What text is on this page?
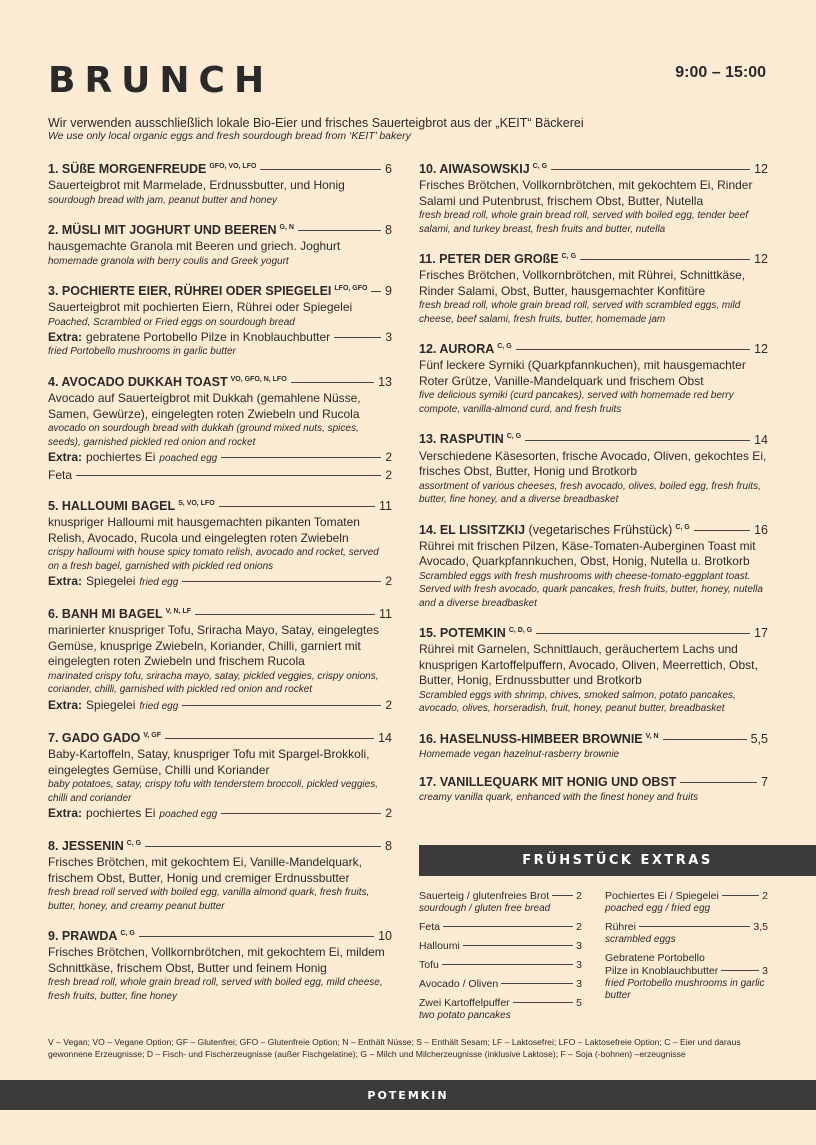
BRUNCH	9:00 – 15:00
Wir verwenden ausschließlich lokale Bio-Eier und frisches Sauerteigbrot aus der „KEIT“ Bäckerei
We use only local organic eggs and fresh sourdough bread from ‘KEIT’ bakery
1. SÜßE MORGENFREUDE $^{GFO, VO, LFO}$	6
Sauerteigbrot mit Marmelade, Erdnussbutter, und Honig
sourdough bread with jam, peanut butter and honey
2. MÜSLI MIT JOGHURT UND BEEREN $^{G, N}$	8
hausgemachte Granola mit Beeren und griech. Joghurt
homemade granola with berry coulis and Greek yogurt
3. POCHIERTE EIER, RÜHREI ODER SPIEGELEI $^{LFO, GFO}$ 9
Sauerteigbrot mit pochierten Eiern, Rührei oder Spiegelei
Poached, Scrambled or Fried eggs on sourdough bread
Extra: gebratene Portobello Pilze in Knoblauchbutter	3
fried Portobello mushrooms in garlic butter
4. AVOCADO DUKKAH TOAST $^{VO, GFO, N, LFO}$	13
Avocado auf Sauerteigbrot mit Dukkah (gemahlene Nüsse, Samen, Gewürze), eingelegten roten Zwiebeln und Rucola
avocado on sourdough bread with dukkah (ground mixed nuts, spices, seeds), garnished pickled red onion and rocket
Extra: pochiertes Ei poached egg	2
Feta	2
5. HALLOUMI BAGEL $^{S, VO, LFO}$	11
knuspriger Halloumi mit hausgemachten pikanten Tomaten Relish, Avocado, Rucola und eingelegten roten Zwiebeln
crispy halloumi with house spicy tomato relish, avocado and rocket, served on a fresh bagel, garnished with pickled red onions
Extra: Spiegelei fried egg	2
6. BANH MI BAGEL $^{V, N, LF}$	11
marinierter knuspriger Tofu, Sriracha Mayo, Satay, eingelegtes Gemüse, knusprige Zwiebeln, Koriander, Chilli, garniert mit eingelegten roten Zwiebeln und frischem Rucola
marinated crispy tofu, sriracha mayo, satay, pickled veggies, crispy onions, coriander, chilli, garnished with pickled red onion and rocket
Extra: Spiegelei fried egg	2
7. GADO GADO $^{V, GF}$	14
Baby-Kartoffeln, Satay, knuspriger Tofu mit Spargel-Brokkoli, eingelegtes Gemüse, Chilli und Koriander
baby potatoes, satay, crispy tofu with tenderstem broccoli, pickled veggies, chilli and coriander
Extra: pochiertes Ei poached egg	2
8. JESSENIN $^{C, G}$	8
Frisches Brötchen, mit gekochtem Ei, Vanille-Mandelquark, frischem Obst, Butter, Honig und cremiger Erdnussbutter
fresh bread roll served with boiled egg, vanilla almond quark, fresh fruits, butter, honey, and creamy peanut butter
9. PRAWDA $^{C, G}$	10
Frisches Brötchen, Vollkornbrötchen, mit gekochtem Ei, mildem Schnittkäse, frischem Obst, Butter und feinem Honig
fresh bread roll, whole grain bread roll, served with boiled egg, mild cheese, fresh fruits, butter, fine honey
10. AIWASOWSKIJ $^{C, G}$	12
Frisches Brötchen, Vollkornbrötchen, mit gekochtem Ei, Rinder Salami und Putenbrust, frischem Obst, Butter, Nutella
fresh bread roll, whole grain bread roll, served with boiled egg, tender beef salami, and turkey breast, fresh fruits and butter, nutella
11. PETER DER GROßE $^{C, G}$	12
Frisches Brötchen, Vollkornbrötchen, mit Rührei, Schnittkäse, Rinder Salami, Obst, Butter, hausgemachter Konfitüre
fresh bread roll, whole grain bread roll, served with scrambled eggs, mild cheese, beef salami, fresh fruits, butter, homemade jam
12. AURORA $^{C, G}$	12
Fünf leckere Syrniki (Quarkpfannkuchen), mit hausgemachter Roter Grütze, Vanille-Mandelquark und frischem Obst
five delicious syrniki (curd pancakes), served with homemade red berry compote, vanilla-almond curd, and fresh fruits
13. RASPUTIN $^{C, G}$	14
Verschiedene Käsesorten, frische Avocado, Oliven, gekochtes Ei, frisches Obst, Butter, Honig und Brotkorb
assortment of various cheeses, fresh avocado, olives, boiled egg, fresh fruits, butter, fine honey, and a diverse breadbasket
14. EL LISSITZKIJ (vegetarisches Frühstück) $^{C, G}$	16
Rührei mit frischen Pilzen, Käse-Tomaten-Auberginen Toast mit Avocado, Quarkpfannkuchen, Obst, Honig, Nutella u. Brotkorb
Scrambled eggs with fresh mushrooms with cheese-tomato-eggplant toast. Served with fresh avocado, quark pancakes, fresh fruits, butter, honey, nutella and a diverse breadbasket
15. POTEMKIN $^{C, D, G}$	17
Rührei mit Garnelen, Schnittlauch, geräuchertem Lachs und knusprigen Kartoffelpuffern, Avocado, Oliven, Meerrettich, Obst, Butter, Honig, Erdnussbutter und Brotkorb
Scrambled eggs with shrimp, chives, smoked salmon, potato pancakes, avocado, olives, horseradish, fruit, honey, peanut butter, breadbasket
16. HASELNUSS-HIMBEER BROWNIE $^{V, N}$	5,5
Homemade vegan hazelnut-rasberry brownie
17. VANILLEQUARK MIT HONIG UND OBST	7
creamy vanilla quark, enhanced with the finest honey and fruits
FRÜHSTÜCK EXTRAS
Sauerteig / glutenfreies Brot	2
sourdough / gluten free bread
Feta	2
Halloumi	3
Tofu	3
Avocado / Oliven	3
Zwei Kartoffelpuffer	5
two potato pancakes
Pochiertes Ei / Spiegelei	2
poached egg / fried egg
Rührei	3,5
scrambled eggs
Gebratene Portobello
Pilze in Knoblauchbutter	3
fried Portobello mushrooms in garlic butter
V – Vegan; VO – Vegane Option; GF – Glutenfrei; GFO – Glutenfreie Option; N – Enthält Nüsse; S – Enthält Sesam; LF – Laktosefrei; LFO – Laktosefreie Option; C – Eier und daraus gewonnene Erzeugnisse; D – Fisch- und Fischerzeugnisse (außer Fischgelatine); G – Milch und Milcherzeugnisse (inklusive Laktose); F – Soja (-bohnen) –erzeugnisse
POTEMKIN
